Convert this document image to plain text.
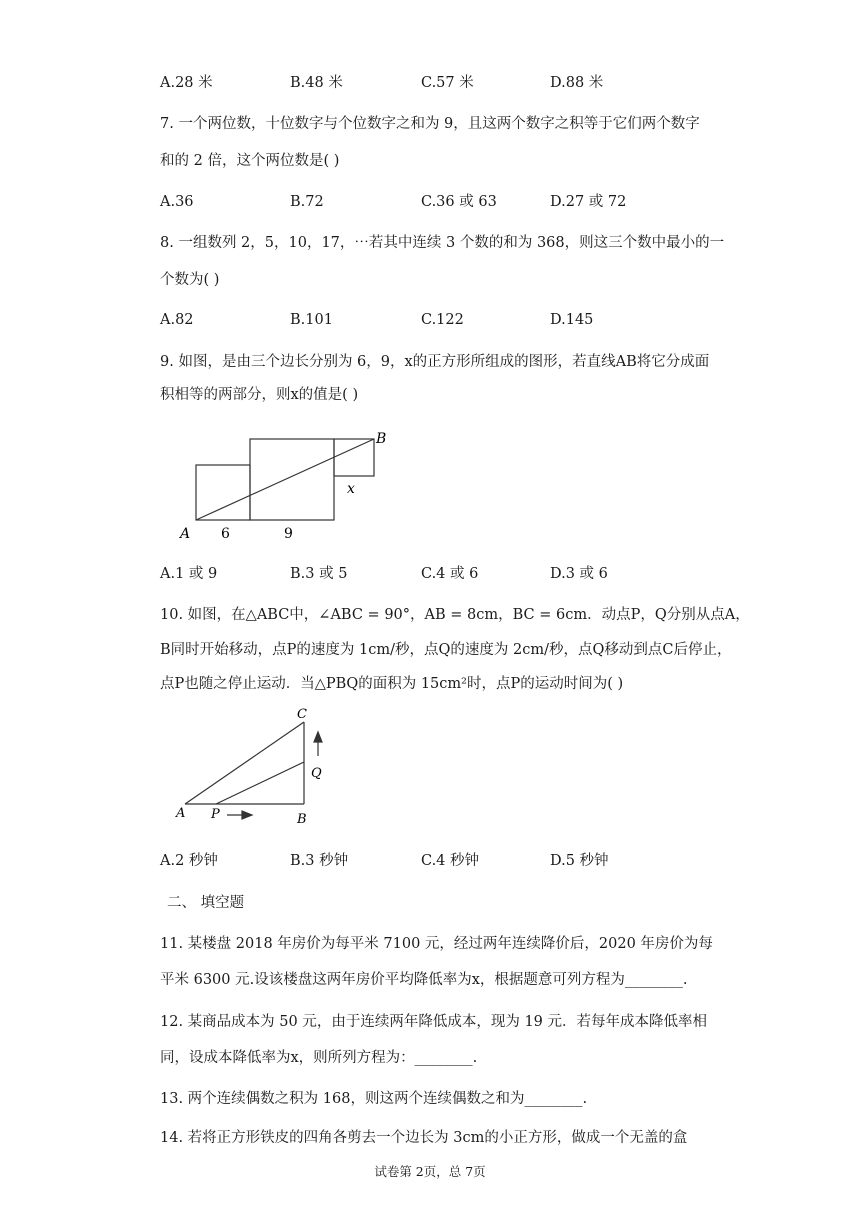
A.28 米	B.48 米	C.57 米	D.88 米
7. 一个两位数，十位数字与个位数字之和为 9，且这两个数字之积等于它们两个数字
和的 2 倍，这个两位数是( )
A.36	B.72	C.36 或 63	D.27 或 72
8. 一组数列 2，5，10，17，⋯若其中连续 3 个数的和为 368，则这三个数中最小的一
个数为( )
A.82	B.101	C.122	D.145
9. 如图，是由三个边长分别为 6，9，x的正方形所组成的图形，若直线AB将它分成面
积相等的两部分，则x的值是( )
A
B
6	9
x
A.1 或 9	B.3 或 5	C.4 或 6	D.3 或 6
10. 如图，在△ABC中，∠ABC = 90°，AB = 8cm，BC = 6cm．动点P，Q分别从点A，
B同时开始移动，点P的速度为 1cm/秒，点Q的速度为 2cm/秒，点Q移动到点C后停止，
点P也随之停止运动．当△PBQ的面积为 15cm²时，点P的运动时间为( )
C
Q
A P	B
A.2 秒钟	B.3 秒钟	C.4 秒钟	D.5 秒钟
二、 填空题
11. 某楼盘 2018 年房价为每平米 7100 元，经过两年连续降价后，2020 年房价为每
平米 6300 元.设该楼盘这两年房价平均降低率为x，根据题意可列方程为________.
12. 某商品成本为 50 元，由于连续两年降低成本，现为 19 元．若每年成本降低率相
同，设成本降低率为x，则所列方程为：________.
13. 两个连续偶数之积为 168，则这两个连续偶数之和为________.
14. 若将正方形铁皮的四角各剪去一个边长为 3cm的小正方形，做成一个无盖的盒
试卷第 2页，总 7页
